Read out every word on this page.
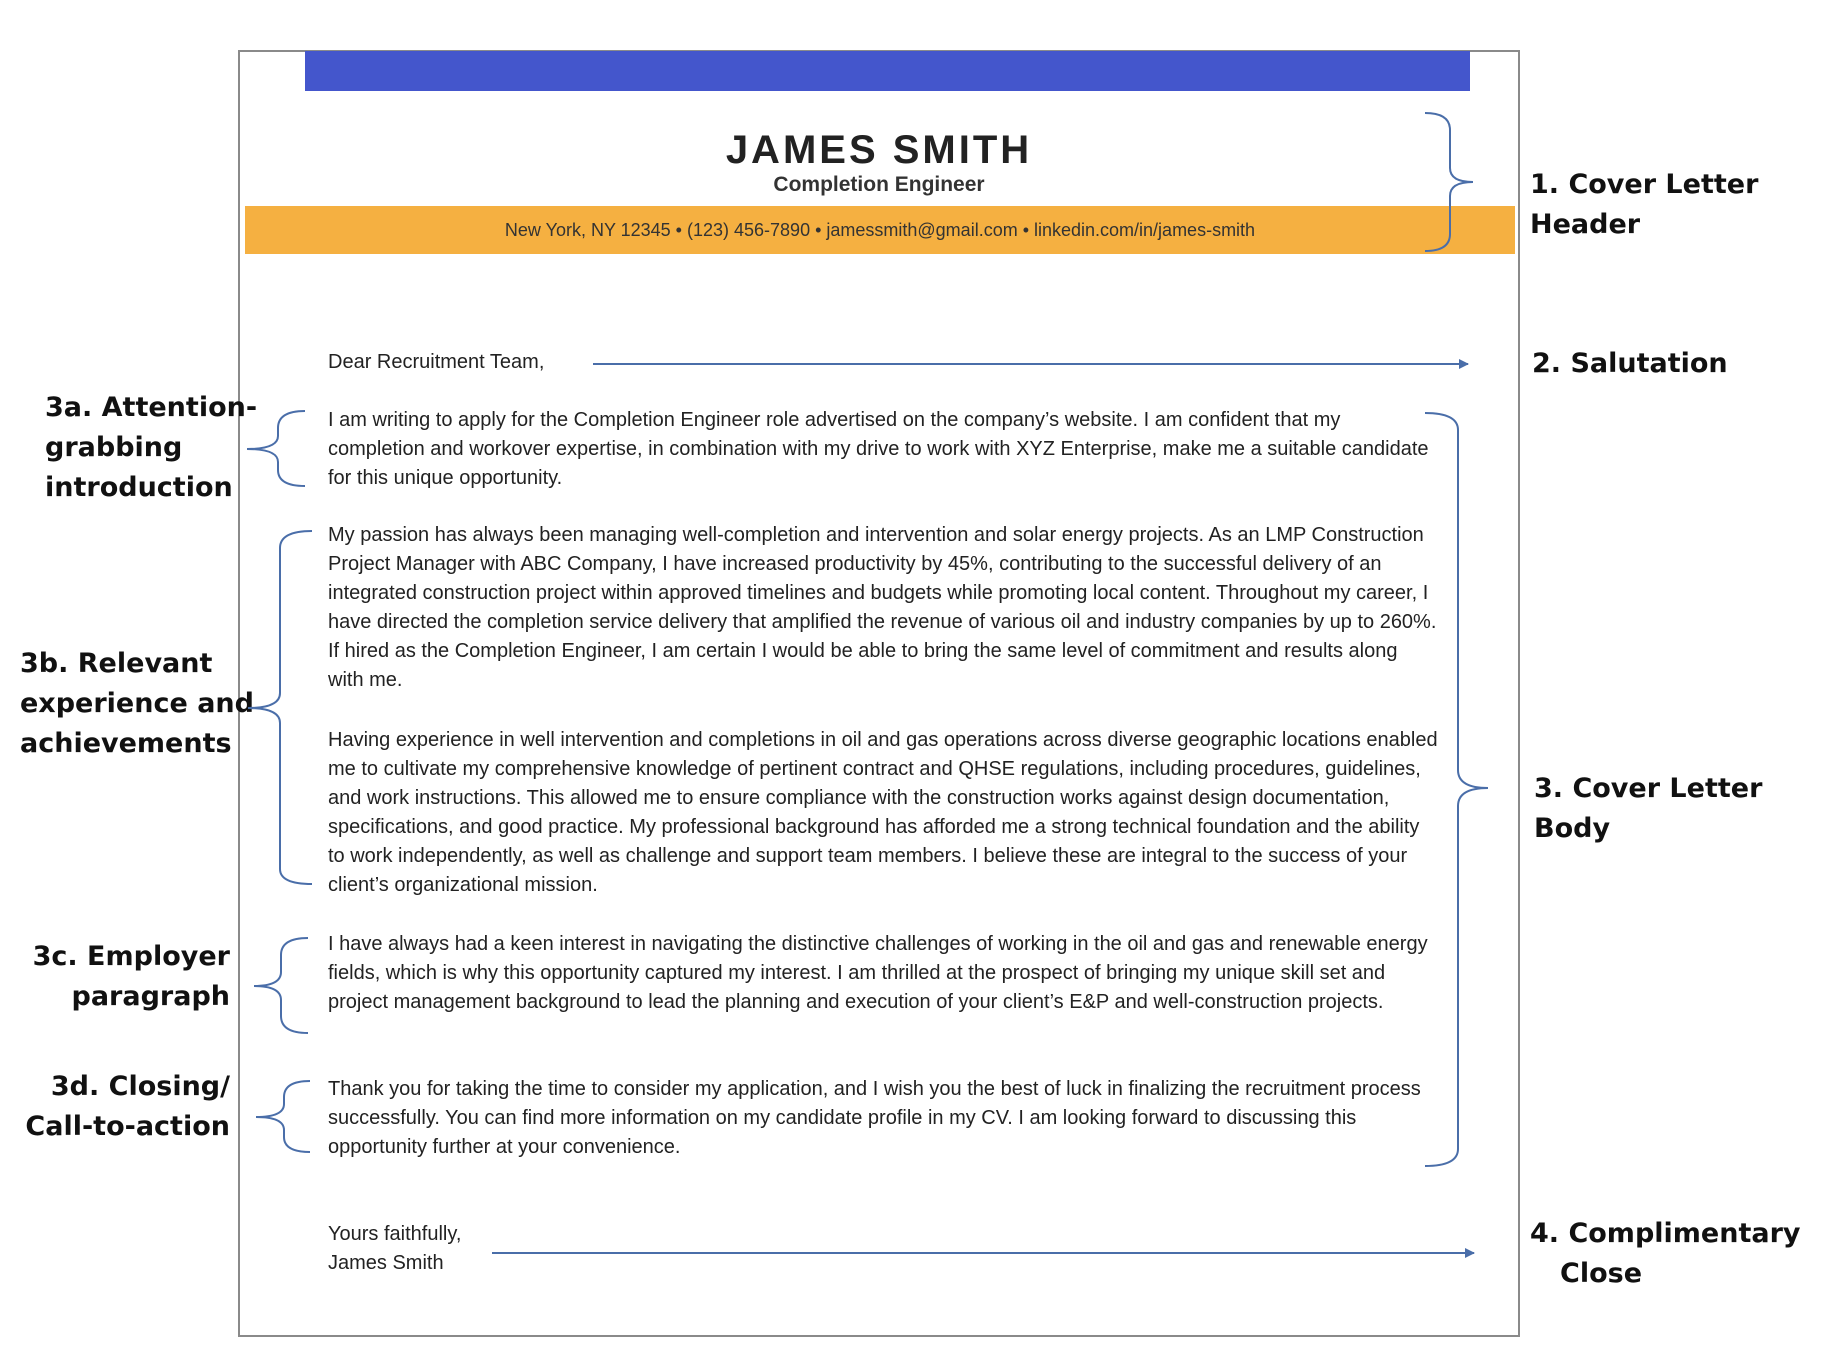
JAMES SMITH
Completion Engineer
New York, NY 12345 • (123) 456-7890 • jamessmith@gmail.com • linkedin.com/in/james-smith

Dear Recruitment Team,

I am writing to apply for the Completion Engineer role advertised on the company’s website. I am confident that my completion and workover expertise, in combination with my drive to work with XYZ Enterprise, make me a suitable candidate for this unique opportunity.

My passion has always been managing well-completion and intervention and solar energy projects. As an LMP Construction Project Manager with ABC Company, I have increased productivity by 45%, contributing to the successful delivery of an integrated construction project within approved timelines and budgets while promoting local content. Throughout my career, I have directed the completion service delivery that amplified the revenue of various oil and industry companies by up to 260%. If hired as the Completion Engineer, I am certain I would be able to bring the same level of commitment and results along with me.

Having experience in well intervention and completions in oil and gas operations across diverse geographic locations enabled me to cultivate my comprehensive knowledge of pertinent contract and QHSE regulations, including procedures, guidelines, and work instructions. This allowed me to ensure compliance with the construction works against design documentation, specifications, and good practice. My professional background has afforded me a strong technical foundation and the ability to work independently, as well as challenge and support team members. I believe these are integral to the success of your client’s organizational mission.

I have always had a keen interest in navigating the distinctive challenges of working in the oil and gas and renewable energy fields, which is why this opportunity captured my interest. I am thrilled at the prospect of bringing my unique skill set and project management background to lead the planning and execution of your client’s E&P and well-construction projects.

Thank you for taking the time to consider my application, and I wish you the best of luck in finalizing the recruitment process successfully. You can find more information on my candidate profile in my CV. I am looking forward to discussing this opportunity further at your convenience.

Yours faithfully,

James Smith

1. Cover Letter Header
2. Salutation
3. Cover Letter Body
4. Complimentary
Close
3a. Attention-
grabbing
introduction
3b. Relevant
experience and
achievements
3c. Employer
paragraph
3d. Closing/
Call-to-action
